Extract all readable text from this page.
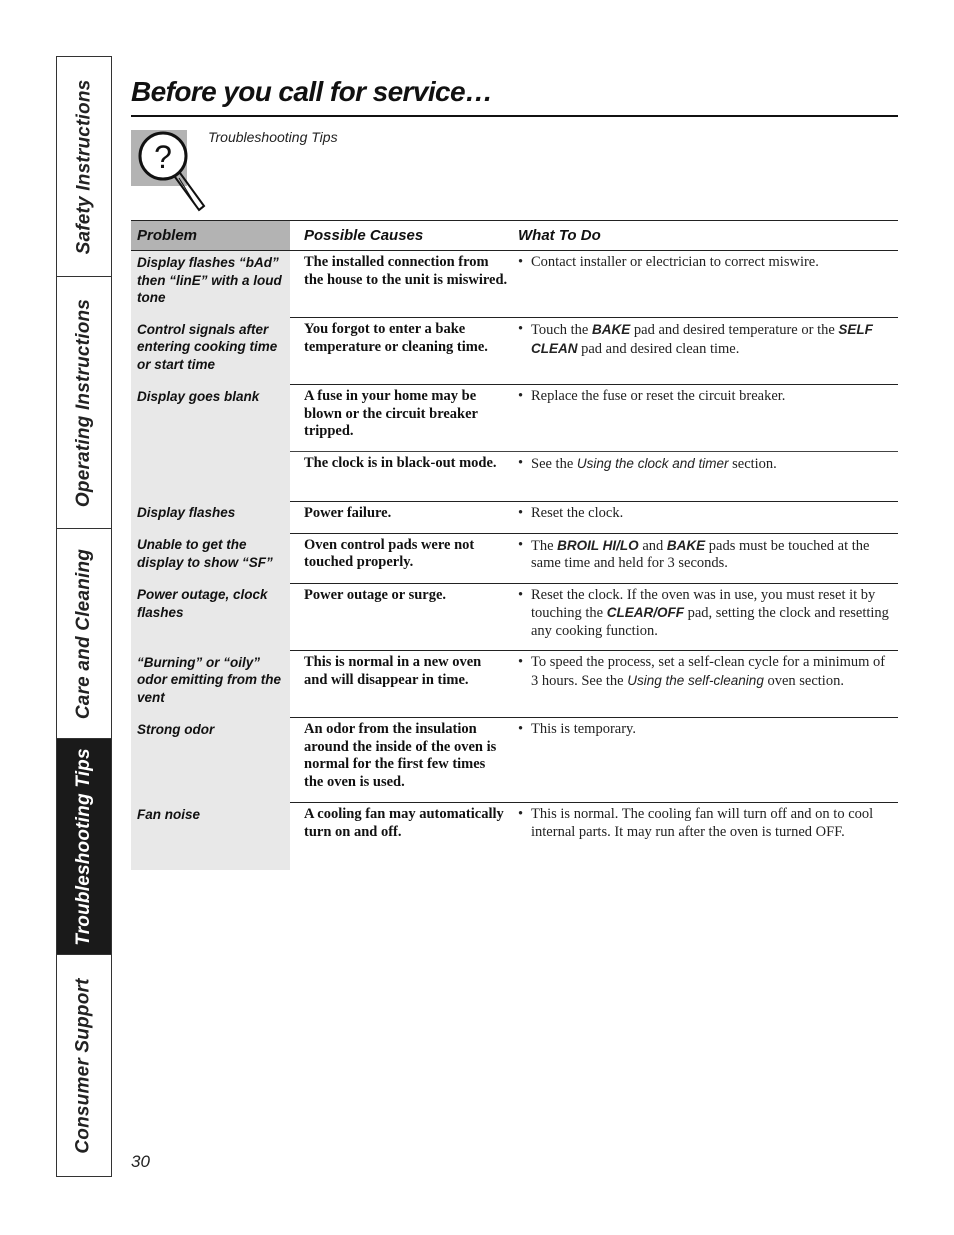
Safety Instructions
Operating Instructions
Care and Cleaning
Troubleshooting Tips
Consumer Support
Before you call for service…
?
Troubleshooting Tips
Problem	Possible Causes	What To Do
Display flashes “bAd” then “linE” with a loud tone	The installed connection from the house to the unit is miswired.	• Contact installer or electrician to correct miswire.

Control signals after entering cooking time or start time	You forgot to enter a bake temperature or cleaning time.	• Touch the BAKE pad and desired temperature or the SELF CLEAN pad and desired clean time.

Display goes blank	A fuse in your home may be blown or the circuit breaker tripped.	• Replace the fuse or reset the circuit breaker.

	The clock is in black-out mode.	• See the Using the clock and timer section.

Display flashes	Power failure.	• Reset the clock.

Unable to get the display to show “SF”	Oven control pads were not touched properly.	• The BROIL HI/LO and BAKE pads must be touched at the same time and held for 3 seconds.

Power outage, clock flashes	Power outage or surge.	• Reset the clock. If the oven was in use, you must reset it by touching the CLEAR/OFF pad, setting the clock and resetting any cooking function.

“Burning” or “oily” odor emitting from the vent	This is normal in a new oven and will disappear in time.	• To speed the process, set a self-clean cycle for a minimum of 3 hours. See the Using the self-cleaning oven section.

Strong odor	An odor from the insulation around the inside of the oven is normal for the first few times the oven is used.	• This is temporary.

Fan noise	A cooling fan may automatically turn on and off.	• This is normal. The cooling fan will turn off and on to cool internal parts. It may run after the oven is turned OFF.
30
